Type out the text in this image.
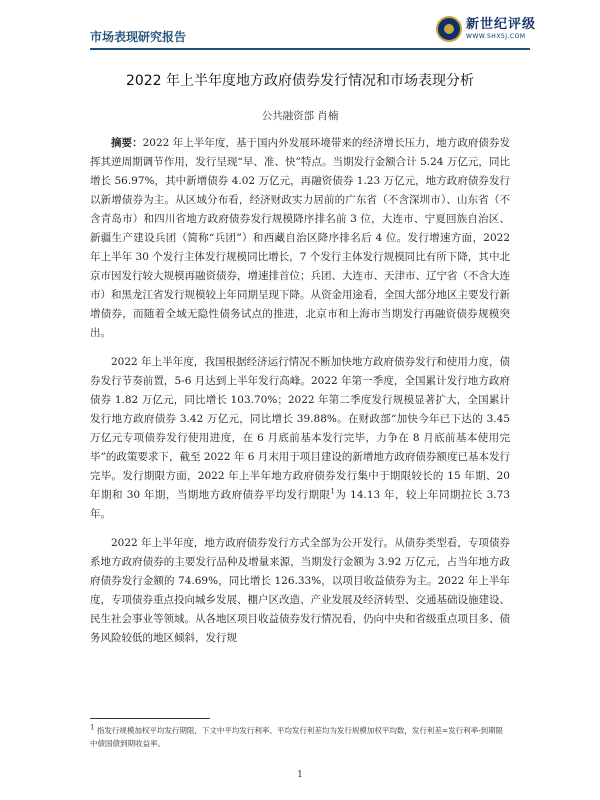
市场表现研究报告
新世纪评级
WWW.SHXSJ.COM
2022 年上半年度地方政府债券发行情况和市场表现分析
公共融资部 肖楠

摘要：2022 年上半年度，基于国内外发展环境带来的经济增长压力，地方政府债券发挥其逆周期调节作用，发行呈现“早、准、快”特点。当期发行金额合计 5.24 万亿元，同比增长 56.97%，其中新增债券 4.02 万亿元，再融资债券 1.23 万亿元，地方政府债券发行以新增债券为主。从区域分布看，经济财政实力居前的广东省（不含深圳市）、山东省（不含青岛市）和四川省地方政府债券发行规模降序排名前 3 位，大连市、宁夏回族自治区、新疆生产建设兵团（简称“兵团”）和西藏自治区降序排名后 4 位。发行增速方面，2022 年上半年 30 个发行主体发行规模同比增长，7 个发行主体发行规模同比有所下降，其中北京市因发行较大规模再融资债券，增速排首位；兵团、大连市、天津市、辽宁省（不含大连市）和黑龙江省发行规模较上年同期呈现下降。从资金用途看，全国大部分地区主要发行新增债券，而随着全域无隐性债务试点的推进，北京市和上海市当期发行再融资债券规模突出。

2022 年上半年度，我国根据经济运行情况不断加快地方政府债券发行和使用力度，债券发行节奏前置，5-6 月达到上半年发行高峰。2022 年第一季度，全国累计发行地方政府债券 1.82 万亿元，同比增长 103.70%；2022 年第二季度发行规模显著扩大，全国累计发行地方政府债券 3.42 万亿元，同比增长 39.88%。在财政部“加快今年已下达的 3.45 万亿元专项债券发行使用进度，在 6 月底前基本发行完毕，力争在 8 月底前基本使用完毕”的政策要求下，截至 2022 年 6 月末用于项目建设的新增地方政府债券额度已基本发行完毕。发行期限方面，2022 年上半年地方政府债券发行集中于期限较长的 15 年期、20 年期和 30 年期，当期地方政府债券平均发行期限$^1$为 14.13 年，较上年同期拉长 3.73 年。

2022 年上半年度，地方政府债券发行方式全部为公开发行。从债券类型看，专项债券系地方政府债券的主要发行品种及增量来源，当期发行金额为 3.92 万亿元，占当年地方政府债券发行金额的 74.69%，同比增长 126.33%，以项目收益债券为主。2022 年上半年度，专项债券重点投向城乡发展、棚户区改造、产业发展及经济转型、交通基础设施建设、民生社会事业等领域。从各地区项目收益债券发行情况看，仍向中央和省级重点项目多、债务风险较低的地区倾斜，发行规

$^1$ 指发行规模加权平均发行期限，下文中平均发行利率、平均发行利差均为发行规模加权平均数，发行利差=发行利率-到期限中债国债到期收益率。
1
